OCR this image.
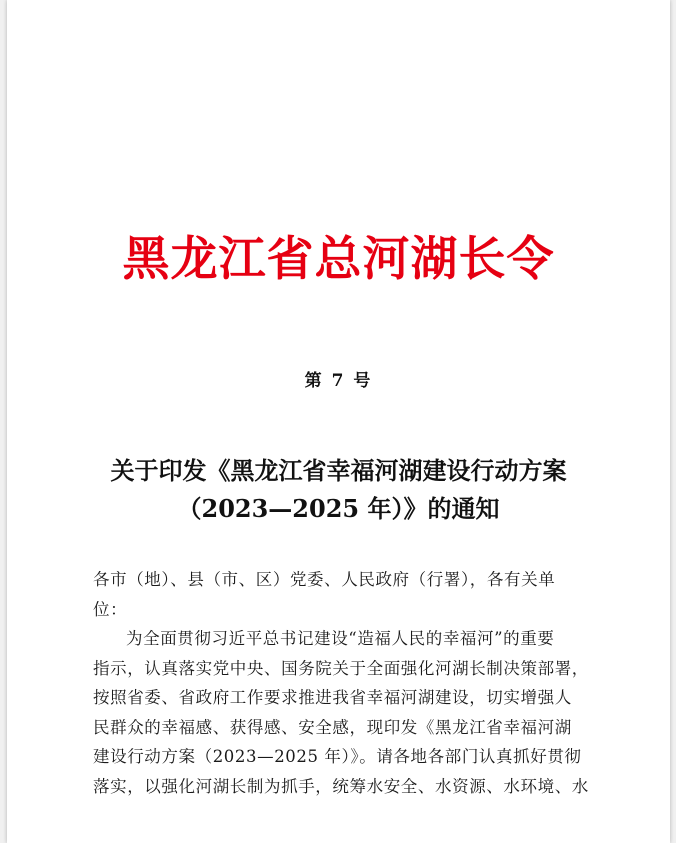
黑龙江省总河湖长令
第 7 号
关于印发《黑龙江省幸福河湖建设行动方案
（2023—2025 年）》的通知

各市（地）、县（市、区）党委、人民政府（行署），各有关单

位：

为全面贯彻习近平总书记建设“造福人民的幸福河”的重要

指示，认真落实党中央、国务院关于全面强化河湖长制决策部署，

按照省委、省政府工作要求推进我省幸福河湖建设，切实增强人

民群众的幸福感、获得感、安全感，现印发《黑龙江省幸福河湖

建设行动方案（2023—2025 年）》。请各地各部门认真抓好贯彻

落实，以强化河湖长制为抓手，统筹水安全、水资源、水环境、水
